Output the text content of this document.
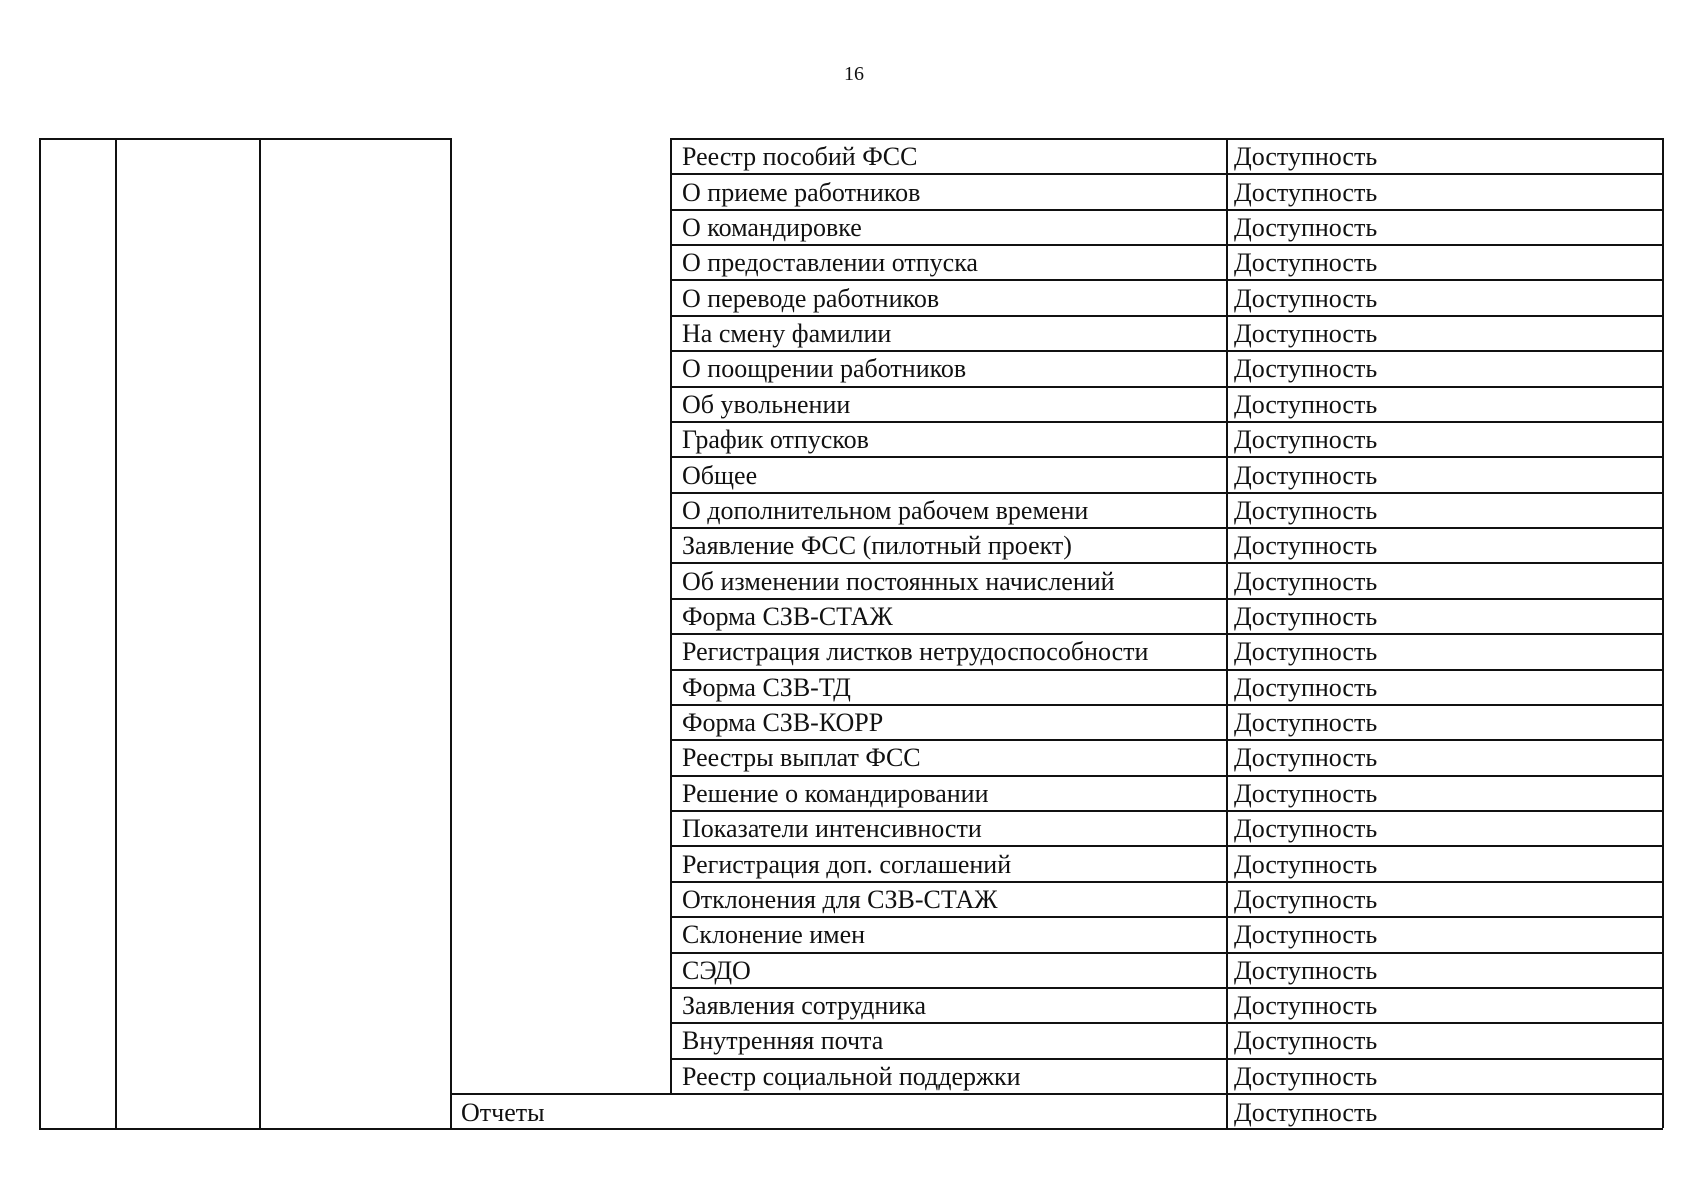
16
Реестр пособий ФСС	Доступность
О приеме работников	Доступность
О командировке	Доступность
О предоставлении отпуска	Доступность
О переводе работников	Доступность
На смену фамилии	Доступность
О поощрении работников	Доступность
Об увольнении	Доступность
График отпусков	Доступность
Общее	Доступность
О дополнительном рабочем времени	Доступность
Заявление ФСС (пилотный проект)	Доступность
Об изменении постоянных начислений	Доступность
Форма СЗВ-СТАЖ	Доступность
Регистрация листков нетрудоспособности	Доступность
Форма СЗВ-ТД	Доступность
Форма СЗВ-КОРР	Доступность
Реестры выплат ФСС	Доступность
Решение о командировании	Доступность
Показатели интенсивности	Доступность
Регистрация доп. соглашений	Доступность
Отклонения для СЗВ-СТАЖ	Доступность
Склонение имен	Доступность
СЭДО	Доступность
Заявления сотрудника	Доступность
Внутренняя почта	Доступность
Реестр социальной поддержки	Доступность
Отчеты	Доступность
